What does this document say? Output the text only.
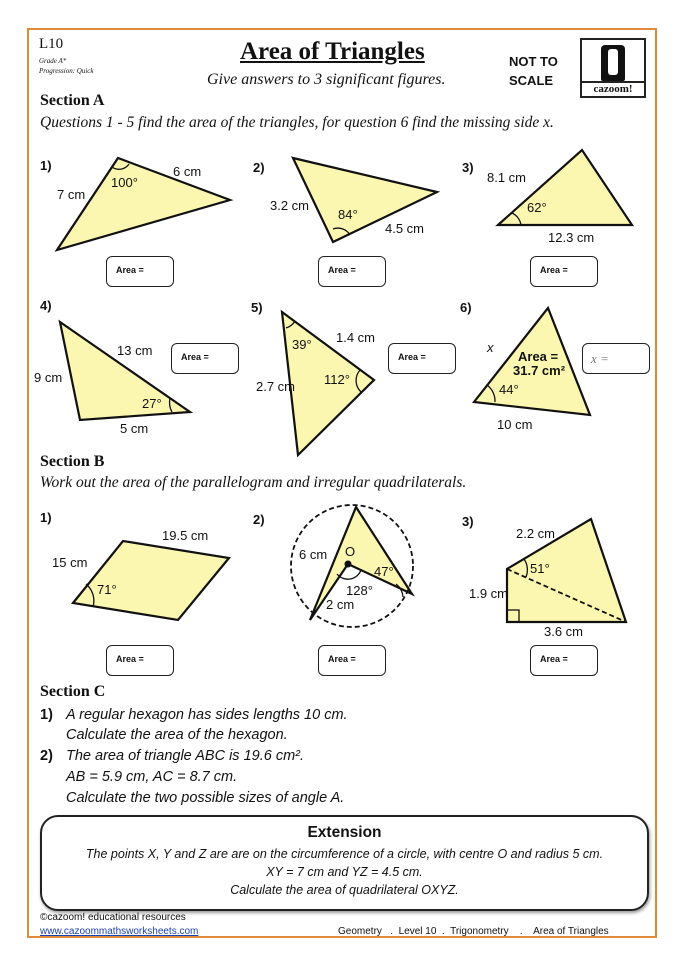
L10
Grade A*
Progression: Quick
Area of Triangles
Give answers to 3 significant figures.
NOT TO
SCALE
cazoom!
Section A
Questions 1 - 5 find the area of the triangles, for question 6 find the missing side x.
Section B
Work out the area of the parallelogram and irregular quadrilaterals.
1)
7 cm
6 cm
100°
2)
3.2 cm
84°
4.5 cm
3)
8.1 cm
62°
12.3 cm
4)
13 cm
9 cm
27°
5 cm
5)
1.4 cm
39°
112°
2.7 cm
6)
x
Area =
31.7 cm²
44°
10 cm
1)
19.5 cm
15 cm
71°
2)
6 cm O
47°
128°
2 cm
3)
2.2 cm
51°
1.9 cm
3.6 cm
Area =	Area =	Area =
Area =	Area =	x =
Area =	Area =	Area =
Section C
1) A regular hexagon has sides lengths 10 cm.
Calculate the area of the hexagon.
2) The area of triangle ABC is 19.6 cm².
AB = 5.9 cm, AC = 8.7 cm.
Calculate the two possible sizes of angle A.
Extension

The points X, Y and Z are are on the circumference of a circle, with centre O and radius 5 cm.

XY = 7 cm and YZ = 4.5 cm.

Calculate the area of quadrilateral OXYZ.

©cazoom! educational resources
www.cazoommathsworksheets.com	Geometry   .  Level 10  .  Trigonometry    .    Area of Triangles
